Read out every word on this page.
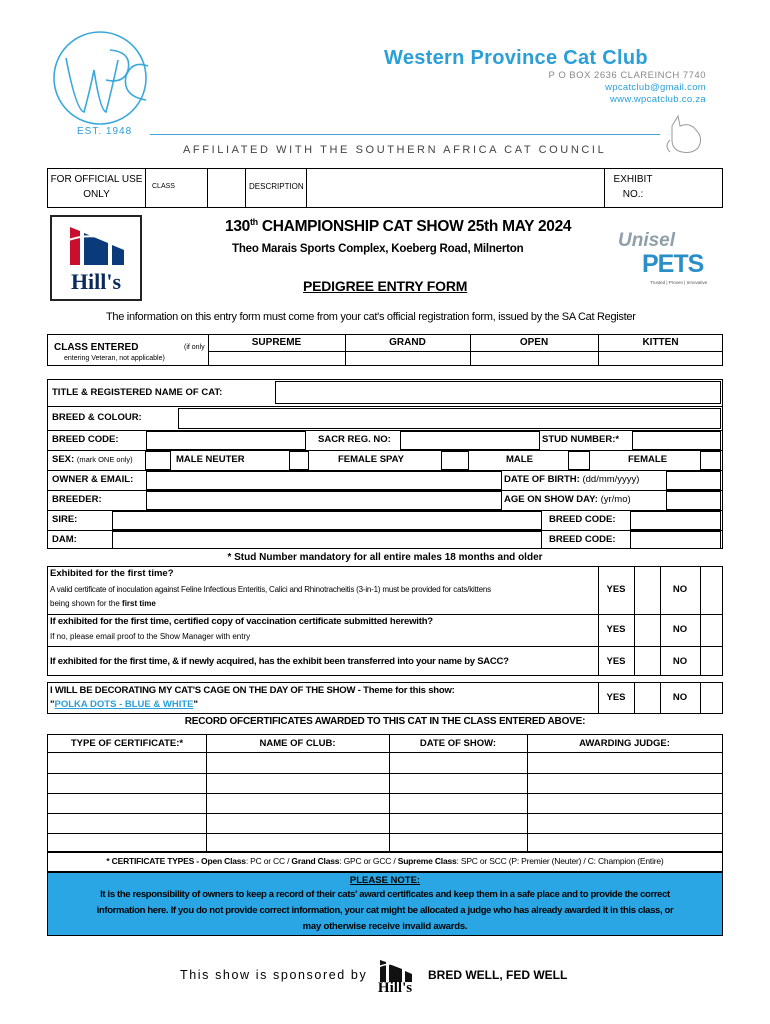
EST. 1948
Western Province Cat Club
P O BOX 2636 CLAREINCH 7740
wpcatclub@gmail.com
www.wpcatclub.co.za
AFFILIATED WITH THE SOUTHERN AFRICA CAT COUNCIL
FOR OFFICIAL USE
ONLY
CLASS	DESCRIPTION
EXHIBIT
NO.:
Hill's
130th CHAMPIONSHIP CAT SHOW 25th MAY 2024
Theo Marais Sports Complex, Koeberg Road, Milnerton	Unisel
PETS
Trusted | Proven | Innovative
PEDIGREE ENTRY FORM
The information on this entry form must come from your cat's official registration form, issued by the SA Cat Register
CLASS ENTERED	(if only
entering Veteran, not applicable)
SUPREME	GRAND	OPEN	KITTEN
TITLE & REGISTERED NAME OF CAT:
BREED & COLOUR:
BREED CODE:	SACR REG. NO:	STUD NUMBER:*
SEX: (mark ONE only)	MALE NEUTER	FEMALE SPAY	MALE	FEMALE
OWNER & EMAIL:	DATE OF BIRTH: (dd/mm/yyyy)
BREEDER:	AGE ON SHOW DAY: (yr/mo)
SIRE:	BREED CODE:
DAM:	BREED CODE:
* Stud Number mandatory for all entire males 18 months and older
Exhibited for the first time?
A valid certificate of inoculation against Feline Infectious Enteritis, Calici and Rhinotracheitis (3-in-1) must be provided for cats/kittens
being shown for the first time
YES	NO
If exhibited for the first time, certified copy of vaccination certificate submitted herewith?
If no, please email proof to the Show Manager with entry
YES	NO
If exhibited for the first time, & if newly acquired, has the exhibit been transferred into your name by SACC?	YES	NO
I WILL BE DECORATING MY CAT'S CAGE ON THE DAY OF THE SHOW - Theme for this show:
"POLKA DOTS - BLUE & WHITE"
YES	NO
RECORD OFCERTIFICATES AWARDED TO THIS CAT IN THE CLASS ENTERED ABOVE:
TYPE OF CERTIFICATE:*	NAME OF CLUB:	DATE OF SHOW:	AWARDING JUDGE:
* CERTIFICATE TYPES - Open Class: PC or CC / Grand Class: GPC or GCC / Supreme Class: SPC or SCC (P: Premier (Neuter) / C: Champion (Entire)
PLEASE NOTE:
It is the responsibility of owners to keep a record of their cats' award certificates and keep them in a safe place and to provide the correct
information here. If you do not provide correct information, your cat might be allocated a judge who has already awarded it in this class, or
may otherwise receive invalid awards.
This show is sponsored by
Hill's
BRED WELL, FED WELL
